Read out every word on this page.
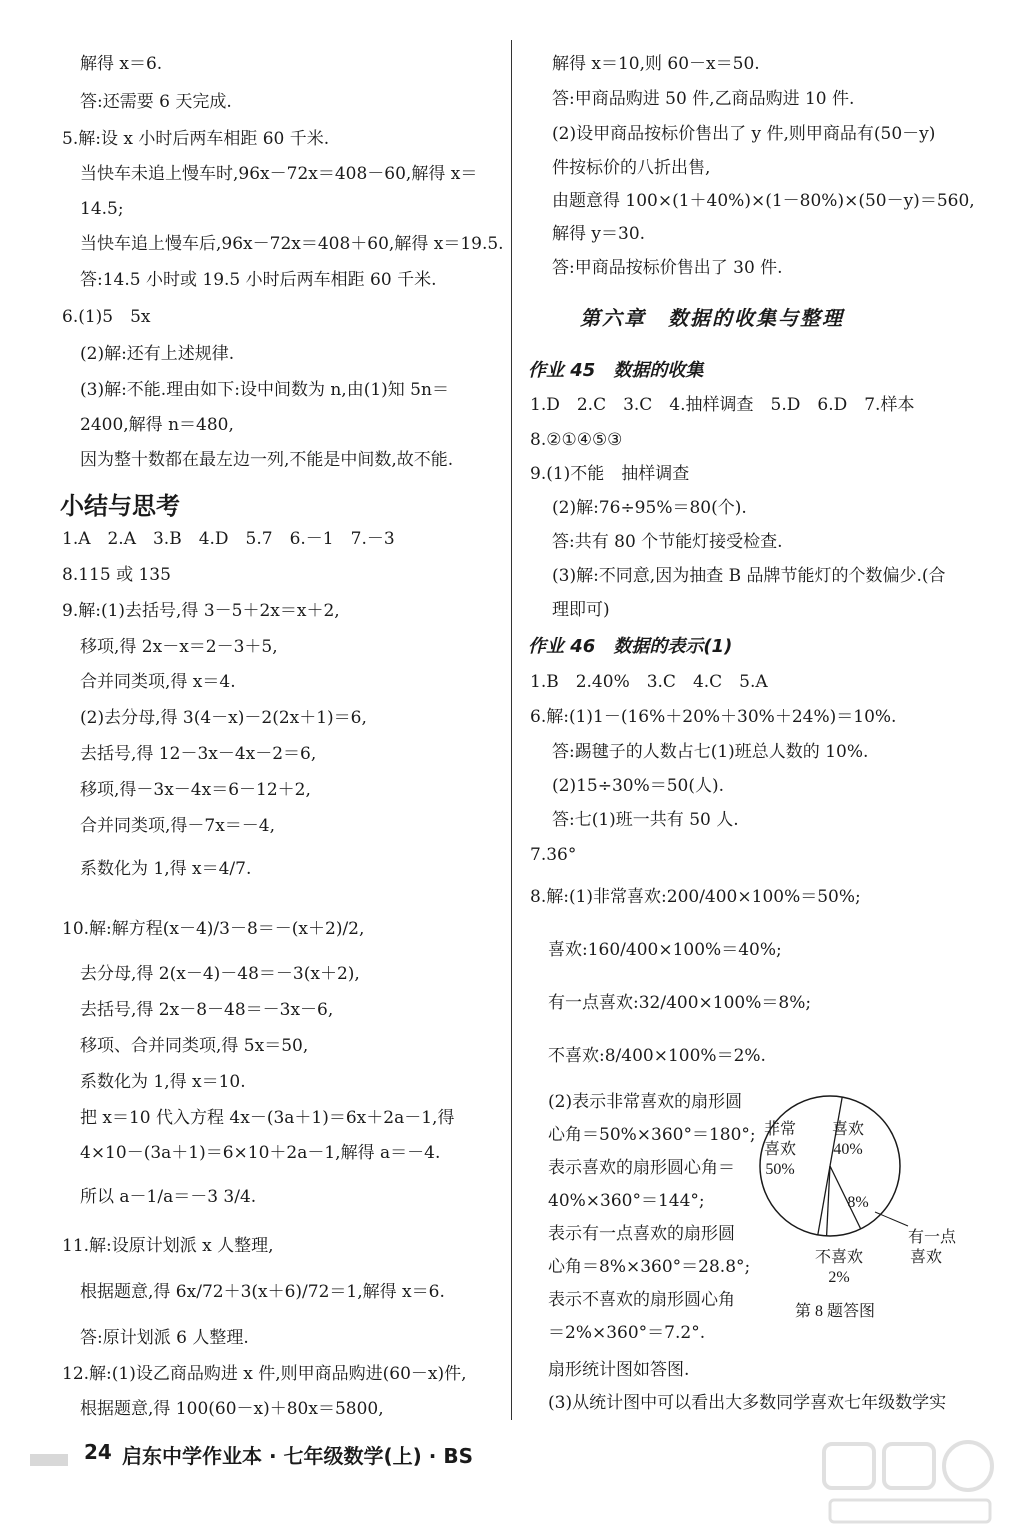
小结与思考
第六章　数据的收集与整理
作业 45　数据的收集
作业 46　数据的表示(1)
非常
喜欢
50%
喜欢
40%
8%
有一点
喜欢
不喜欢
2%
第 8 题答图
24 启东中学作业本 · 七年级数学(上) · BS
解得 x＝6.
答:还需要 6 天完成.
5.解:设 x 小时后两车相距 60 千米.
当快车未追上慢车时,96x－72x＝408－60,解得 x＝
14.5;
当快车追上慢车后,96x－72x＝408＋60,解得 x＝19.5.
答:14.5 小时或 19.5 小时后两车相距 60 千米.
6.(1)5　5x
(2)解:还有上述规律.
(3)解:不能.理由如下:设中间数为 n,由(1)知 5n＝
2400,解得 n＝480,
因为整十数都在最左边一列,不能是中间数,故不能.
1.A　2.A　3.B　4.D　5.7　6.－1　7.－3
8.115 或 135
9.解:(1)去括号,得 3－5＋2x＝x＋2,
移项,得 2x－x＝2－3＋5,
合并同类项,得 x＝4.
(2)去分母,得 3(4－x)－2(2x＋1)＝6,
去括号,得 12－3x－4x－2＝6,
移项,得－3x－4x＝6－12＋2,
合并同类项,得－7x＝－4,
系数化为 1,得 x＝4/7.
10.解:解方程(x－4)/3－8＝－(x＋2)/2,
去分母,得 2(x－4)－48＝－3(x＋2),
去括号,得 2x－8－48＝－3x－6,
移项、合并同类项,得 5x＝50,
系数化为 1,得 x＝10.
把 x＝10 代入方程 4x－(3a＋1)＝6x＋2a－1,得
4×10－(3a＋1)＝6×10＋2a－1,解得 a＝－4.
所以 a－1/a＝－3 3/4.
11.解:设原计划派 x 人整理,
根据题意,得 6x/72＋3(x＋6)/72＝1,解得 x＝6.
答:原计划派 6 人整理.
12.解:(1)设乙商品购进 x 件,则甲商品购进(60－x)件,
根据题意,得 100(60－x)＋80x＝5800,
解得 x＝10,则 60－x＝50.
答:甲商品购进 50 件,乙商品购进 10 件.
(2)设甲商品按标价售出了 y 件,则甲商品有(50－y)
件按标价的八折出售,
由题意得 100×(1＋40%)×(1－80%)×(50－y)＝560,
解得 y＝30.
答:甲商品按标价售出了 30 件.
1.D　2.C　3.C　4.抽样调查　5.D　6.D　7.样本
8.②①④⑤③
9.(1)不能　抽样调查
(2)解:76÷95%＝80(个).
答:共有 80 个节能灯接受检查.
(3)解:不同意,因为抽查 B 品牌节能灯的个数偏少.(合
理即可)
1.B　2.40%　3.C　4.C　5.A
6.解:(1)1－(16%＋20%＋30%＋24%)＝10%.
答:踢毽子的人数占七(1)班总人数的 10%.
(2)15÷30%＝50(人).
答:七(1)班一共有 50 人.
7.36°
8.解:(1)非常喜欢:200/400×100%＝50%;
喜欢:160/400×100%＝40%;
有一点喜欢:32/400×100%＝8%;
不喜欢:8/400×100%＝2%.
(2)表示非常喜欢的扇形圆
心角＝50%×360°＝180°;
表示喜欢的扇形圆心角＝
40%×360°＝144°;
表示有一点喜欢的扇形圆
心角＝8%×360°＝28.8°;
表示不喜欢的扇形圆心角
＝2%×360°＝7.2°.
扇形统计图如答图.
(3)从统计图中可以看出大多数同学喜欢七年级数学实
